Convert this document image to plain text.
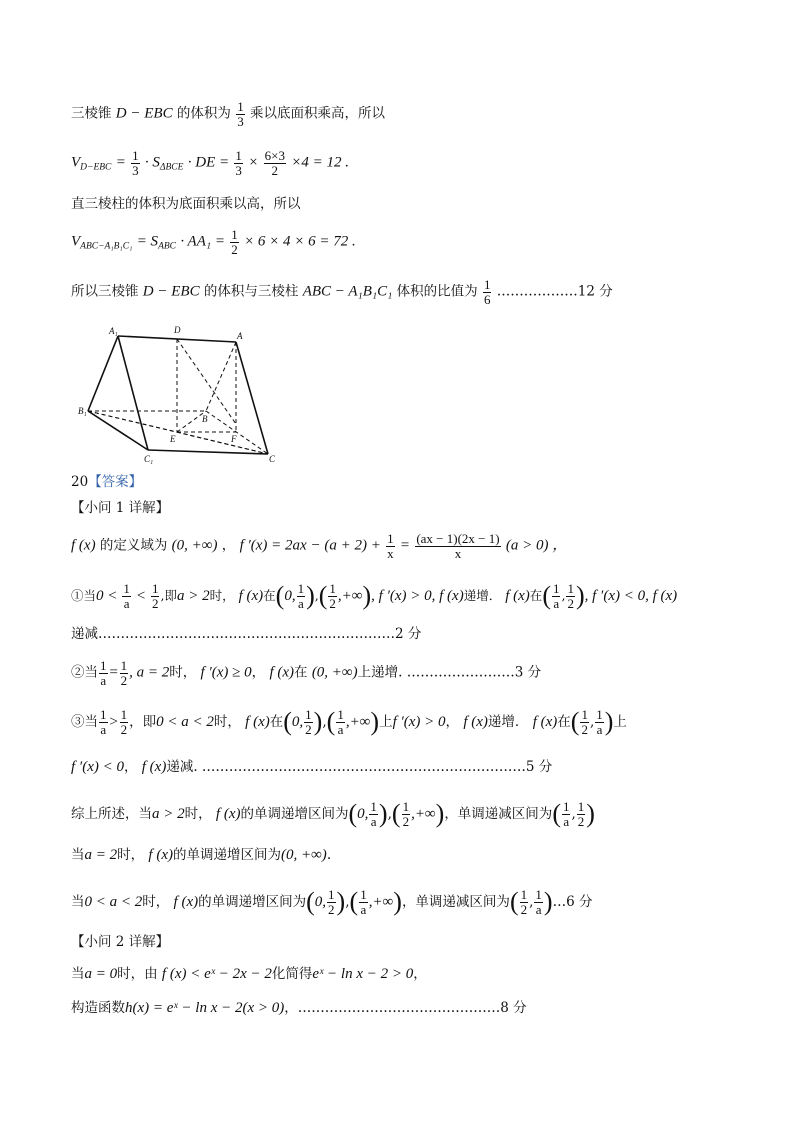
三棱锥 D − EBC 的体积为 $\frac{1}{3}$ 乘以底面积乘高，所以
$V_{D-EBC} = \frac{1}{3} \cdot S_{\Delta BCE}$ · DE = $\frac{1}{3} \times \frac{6\times 3}{2} \times 4 = 12$ .
直三棱柱的体积为底面积乘以高，所以
$V_{ABC-A_1B_1C_1} = S_{ABC} \cdot AA_1 = \frac{1}{2} \times 6 \times 4 \times 6 = 72$ .
所以三棱锥 D − EBC 的体积与三棱柱 ABC − A₁B₁C₁ 体积的比值为 $\frac{1}{6}$ ………………12 分
A₁	D
A
B₁
B
E	F
C₁	C
20【答案】
【小问 1 详解】
f (x) 的定义域为 (0, +∞) ， f $'(x) = 2ax - (a + 2) + \frac{1}{x} = \frac{(ax - 1)(2x - 1)}{x} (a > 0)$ ，
①当$0 < \frac{1}{a} < \frac{1}{2}$ ,即a > 2时， f (x)在(0, $\frac{1}{a}$ ),( $\frac{1}{2}$ ,+∞), f ′(x) > 0, f (x)递增． f (x)在( $\frac{1}{a}$ , $\frac{1}{2}$ ), f ′(x) < 0, f (x)
递减…………………………………………………………2 分
②当 $\frac{1}{a} = \frac{1}{2}$ , a = 2时， f ′(x) ≥ 0， f (x)在 (0, +∞)上递增. ……………………3 分
③当 $\frac{1}{a} > \frac{1}{2}$ ，即0 < a < 2时， f (x)在(0, $\frac{1}{2}$ ),( $\frac{1}{a}$ ,+∞)上f ′(x) > 0， f (x)递增． f (x)在( $\frac{1}{2}$ , $\frac{1}{a}$ )上
f ′(x) < 0， f (x)递减. ………………………………………………………………5 分
综上所述，当a > 2时， f (x)的单调递增区间为(0, $\frac{1}{a}$ ),( $\frac{1}{2}$ ,+∞)，单调递减区间为( $\frac{1}{a}$ , $\frac{1}{2}$ )
当a = 2时， f (x)的单调递增区间为(0, +∞).
当0 < a < 2时， f (x)的单调递增区间为(0, $\frac{1}{2}$ ),( $\frac{1}{a}$ ,+∞)，单调递减区间为( $\frac{1}{2}$ , $\frac{1}{a}$ )…6 分
【小问 2 详解】
当a = 0时，由 f (x) < eˣ − 2x − 2化简得eˣ − ln x − 2 > 0，
构造函数h(x) = eˣ − ln x − 2(x > 0)，………………………………………8 分
